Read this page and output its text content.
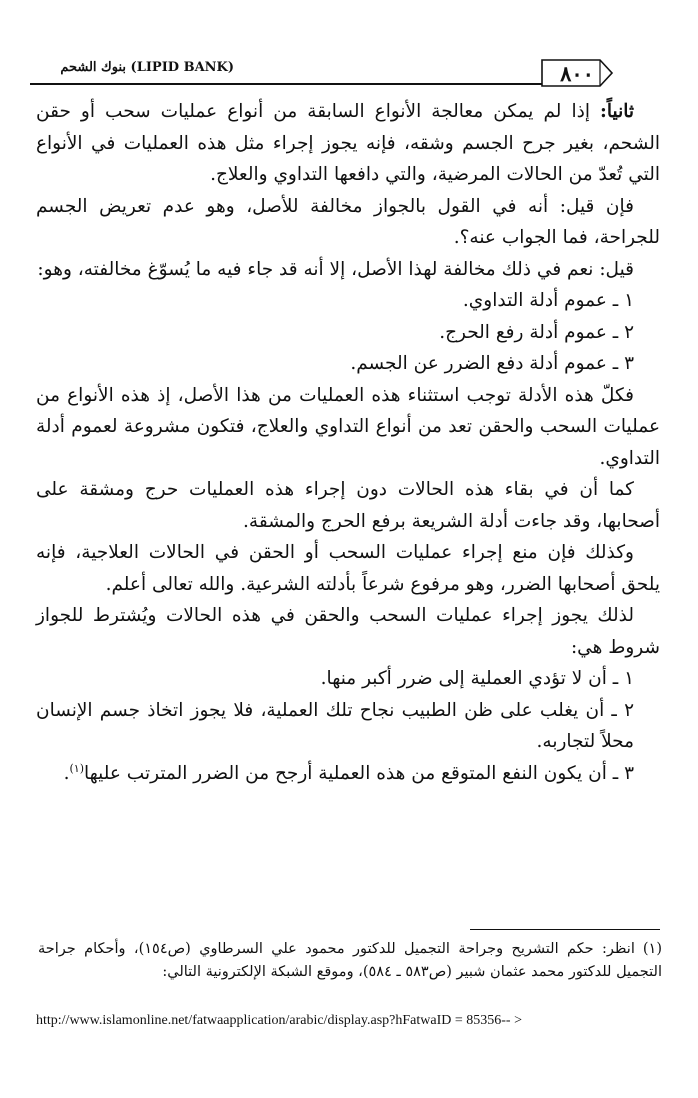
(LIPID BANK) بنوك الشحم	٨٠٠

ثانياً: إذا لم يمكن معالجة الأنواع السابقة من أنواع عمليات سحب أو حقن الشحم، بغير جرح الجسم وشقه، فإنه يجوز إجراء مثل هذه العمليات في الأنواع التي تُعدّ من الحالات المرضية، والتي دافعها التداوي والعلاج.

فإن قيل: أنه في القول بالجواز مخالفة للأصل، وهو عدم تعريض الجسم للجراحة، فما الجواب عنه؟.

قيل: نعم في ذلك مخالفة لهذا الأصل، إلا أنه قد جاء فيه ما يُسوّغ مخالفته، وهو:

١ ـ عموم أدلة التداوي.

٢ ـ عموم أدلة رفع الحرج.

٣ ـ عموم أدلة دفع الضرر عن الجسم.

فكلّ هذه الأدلة توجب استثناء هذه العمليات من هذا الأصل، إذ هذه الأنواع من عمليات السحب والحقن تعد من أنواع التداوي والعلاج، فتكون مشروعة لعموم أدلة التداوي.

كما أن في بقاء هذه الحالات دون إجراء هذه العمليات حرج ومشقة على أصحابها، وقد جاءت أدلة الشريعة برفع الحرج والمشقة.

وكذلك فإن منع إجراء عمليات السحب أو الحقن في الحالات العلاجية، فإنه يلحق أصحابها الضرر، وهو مرفوع شرعاً بأدلته الشرعية. والله تعالى أعلم.

لذلك يجوز إجراء عمليات السحب والحقن في هذه الحالات ويُشترط للجواز شروط هي:

١ ـ أن لا تؤدي العملية إلى ضرر أكبر منها.

٢ ـ أن يغلب على ظن الطبيب نجاح تلك العملية، فلا يجوز اتخاذ جسم الإنسان محلاً لتجاربه.

٣ ـ أن يكون النفع المتوقع من هذه العملية أرجح من الضرر المترتب عليها$^{(١)}$.

(١)انظر: حكم التشريح وجراحة التجميل للدكتور محمود علي السرطاوي (ص١٥٤)، وأحكام جراحة التجميل للدكتور محمد عثمان شبير (ص٥٨٣ ـ ٥٨٤)، وموقع الشبكة الإلكترونية التالي:
http://www.islamonline.net/fatwaapplication/arabic/display.asp?hFatwaID = 85356-- >
